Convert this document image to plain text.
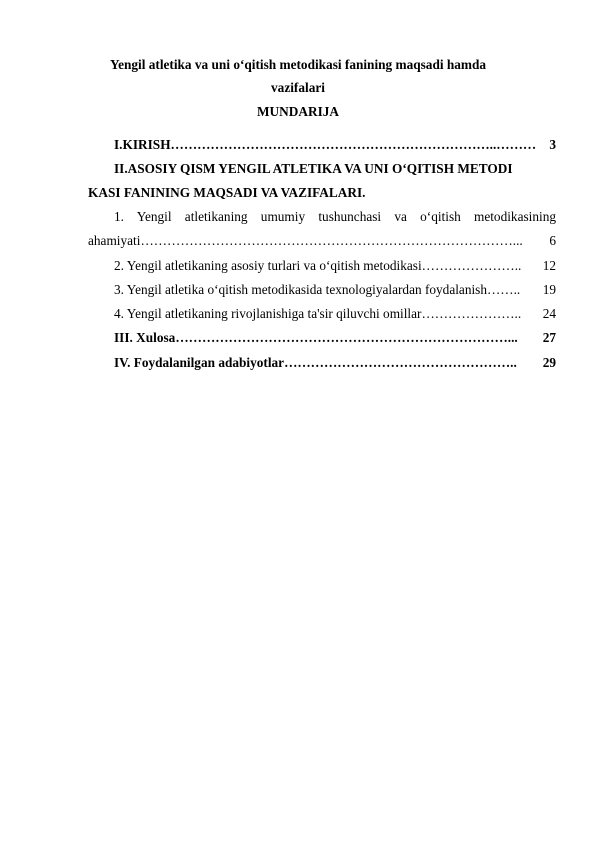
Yengil atletika va uni o‘qitish metodikasi fanining maqsadi hamda
vazifalari
MUNDARIJA
I.KIRISH ………………………………………………………………..……… 3
II.ASOSIY QISM YENGIL ATLETIKA VA UNI O‘QITISH METODI
KASI FANINING MAQSADI VA VAZIFALARI.
1. Yengil atletikaning umumiy tushunchasi va o‘qitish metodikasining
ahamiyati …………………………………………………………………………...	6
2. Yengil atletikaning asosiy turlari va o‘qitish metodikasi …………………..	12
3. Yengil atletika o‘qitish metodikasida texnologiyalardan foydalanish ……..	19
4. Yengil atletikaning rivojlanishiga ta'sir qiluvchi omillar …………………..	24
III. Xulosa …………………………………………………………………...	27
IV. Foydalanilgan adabiyotlar ……………………………………………..	29
